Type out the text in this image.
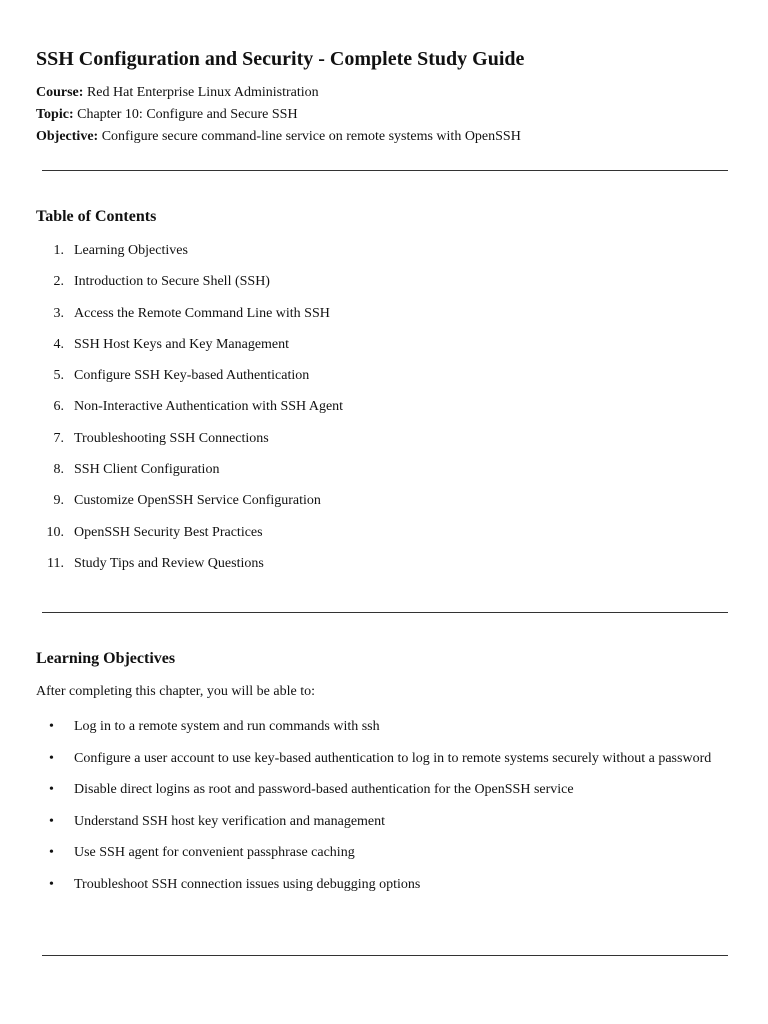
SSH Configuration and Security - Complete Study Guide
Course: Red Hat Enterprise Linux Administration
Topic: Chapter 10: Configure and Secure SSH
Objective: Configure secure command-line service on remote systems with OpenSSH
Table of Contents
1. Learning Objectives
2. Introduction to Secure Shell (SSH)
3. Access the Remote Command Line with SSH
4. SSH Host Keys and Key Management
5. Configure SSH Key-based Authentication
6. Non-Interactive Authentication with SSH Agent
7. Troubleshooting SSH Connections
8. SSH Client Configuration
9. Customize OpenSSH Service Configuration
10. OpenSSH Security Best Practices
11. Study Tips and Review Questions
Learning Objectives

After completing this chapter, you will be able to:

• Log in to a remote system and run commands with ssh
• Configure a user account to use key-based authentication to log in to remote systems securely without a password
• Disable direct logins as root and password-based authentication for the OpenSSH service
• Understand SSH host key verification and management
• Use SSH agent for convenient passphrase caching
• Troubleshoot SSH connection issues using debugging options
